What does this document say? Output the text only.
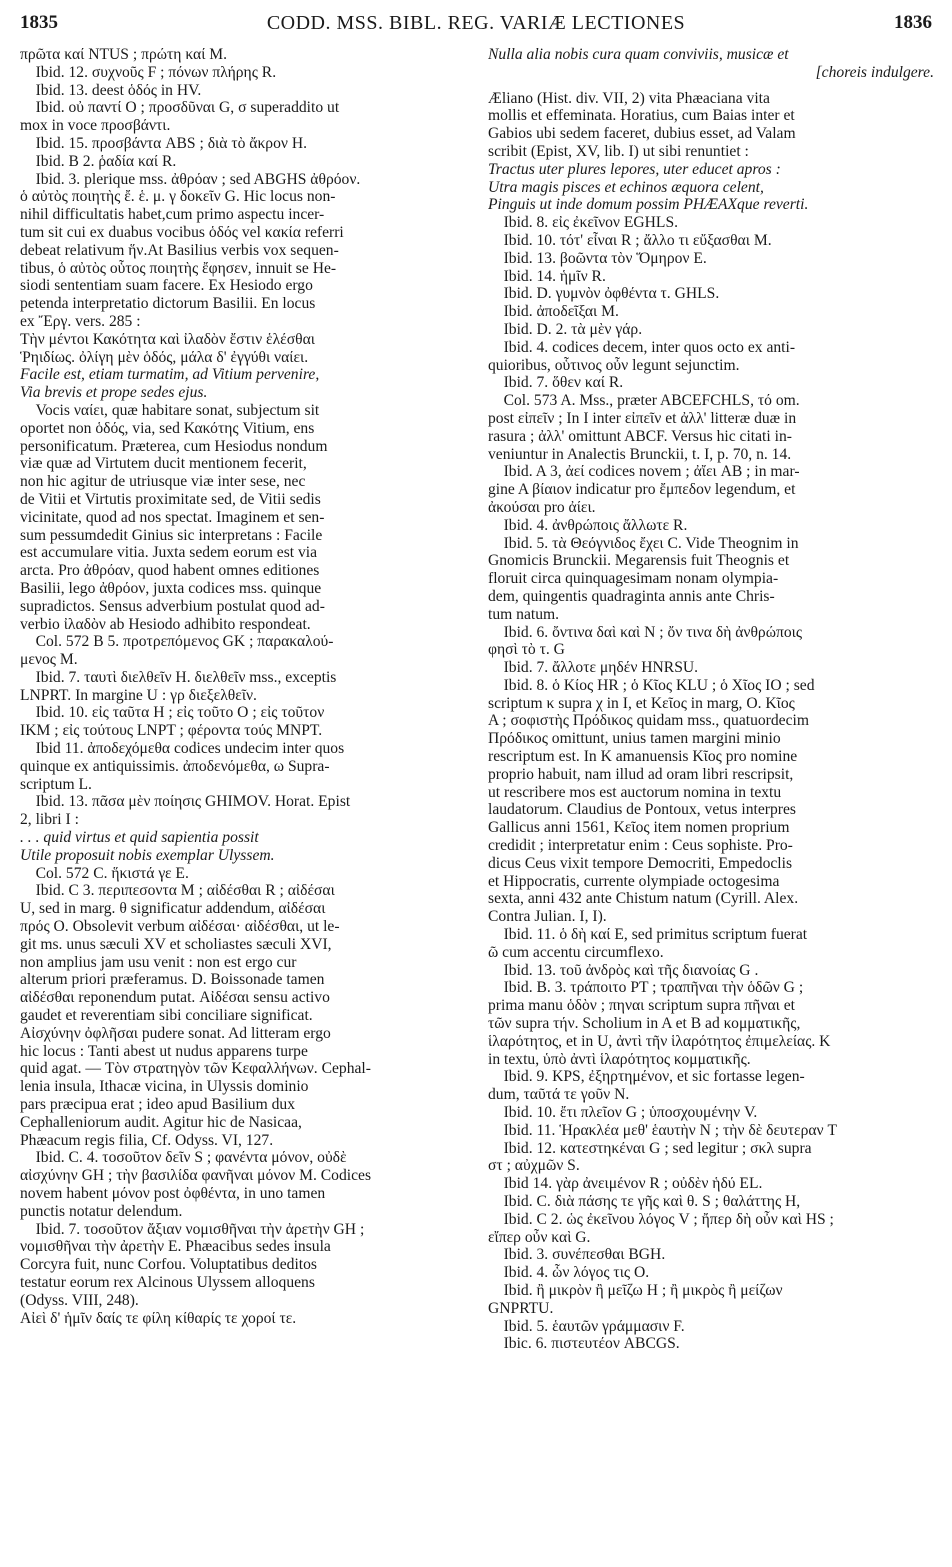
1835	CODD. MSS. BIBL. REG. VARIÆ LECTIONES	1836
πρῶτα καί NTUS ; πρώτη καί M.
 Ibid. 12. συχνοῦς F ; πόνων πλήρης R.
 Ibid. 13. deest ὁδός in HV.
 Ibid. οὐ παντί O ; προσδῦναι G, σ superaddito ut
mox in voce προσβάντι.
 Ibid. 15. προσβάντα ABS ; διὰ τὸ ἄκρον H.
 Ibid. B 2. ῥαδία καί R.
 Ibid. 3. plerique mss. ἀθρόαν ; sed ABGHS ἀθρόον.
ὁ αὐτὸς ποιητὴς ἔ. ἑ. μ. γ δοκεῖν G. Hic locus non-
nihil difficultatis habet,cum primo aspectu incer-
tum sit cui ex duabus vocibus ὁδός vel κακία referri
debeat relativum ἥν.At Basilius verbis vox sequen-
tibus, ὁ αὐτὸς οὗτος ποιητὴς ἔφησεν, innuit se He-
siodi sententiam suam facere. Ex Hesiodo ergo
petenda interpretatio dictorum Basilii. En locus
ex Ἔργ. vers. 285 :
Τὴν μέντοι Κακότητα καὶ ἰλαδὸν ἔστιν ἑλέσθαι
Ῥηιδίως. ὀλίγη μὲν ὁδός, μάλα δ' ἐγγύθι ναίει.
Facile est, etiam turmatim, ad Vitium pervenire,
Via brevis et prope sedes ejus.
 Vocis ναίει, quæ habitare sonat, subjectum sit
oportet non ὁδός, via, sed Κακότης Vitium, ens
personificatum. Præterea, cum Hesiodus nondum
viæ quæ ad Virtutem ducit mentionem fecerit,
non hic agitur de utriusque viæ inter sese, nec
de Vitii et Virtutis proximitate sed, de Vitii sedis
vicinitate, quod ad nos spectat. Imaginem et sen-
sum pessumdedit Ginius sic interpretans : Facile
est accumulare vitia. Juxta sedem eorum est via
arcta. Pro ἀθρόαν, quod habent omnes editiones
Basilii, lego ἀθρόον, juxta codices mss. quinque
supradictos. Sensus adverbium postulat quod ad-
verbio ἰλαδὸν ab Hesiodo adhibito respondeat.
 Col. 572 B 5. προτρεπόμενος GK ; παρακαλού-
μενος M.
 Ibid. 7. ταυτὶ διελθεῖν H. διελθεῖν mss., exceptis
LNPRT. In margine U : γρ διεξελθεῖν.
 Ibid. 10. εἰς ταῦτα H ; εἰς τοῦτο O ; εἰς τοῦτον
IKM ; εἰς τούτους LNPT ; φέροντα τούς MNPT.
 Ibid 11. ἀποδεχόμεθα codices undecim inter quos
quinque ex antiquissimis. ἀποδενόμεθα, ω Supra-
scriptum L.
 Ibid. 13. πᾶσα μὲν ποίησις GHIMOV. Horat. Epist
2, libri I :
. . . quid virtus et quid sapientia possit
Utile proposuit nobis exemplar Ulyssem.
 Col. 572 C. ἥκιστά γε E.
 Ibid. C 3. περιπεσοντα M ; αἰδέσθαι R ; αἰδέσαι
U, sed in marg. θ significatur addendum, αἰδέσαι
πρός O. Obsolevit verbum αἰδέσαι· αἰδέσθαι, ut le-
git ms. unus sæculi XV et scholiastes sæculi XVI,
non amplius jam usu venit : non est ergo cur
alterum priori præferamus. D. Boissonade tamen
αἰδέσθαι reponendum putat. Αἰδέσαι sensu activo
gaudet et reverentiam sibi conciliare significat.
Αἰσχύνην ὀφλῆσαι pudere sonat. Ad litteram ergo
hic locus : Tanti abest ut nudus apparens turpe
quid agat. — Τὸν στρατηγὸν τῶν Κεφαλλήνων. Cephal-
lenia insula, Ithacæ vicina, in Ulyssis dominio
pars præcipua erat ; ideo apud Basilium dux
Cephalleniorum audit. Agitur hic de Nasicaa,
Phæacum regis filia, Cf. Odyss. VI, 127.
 Ibid. C. 4. τοσοῦτον δεῖν S ; φανέντα μόνον, οὐδὲ
αἰσχύνην GH ; τὴν βασιλίδα φανῆναι μόνον M. Codices
novem habent μόνον post ὀφθέντα, in uno tamen
punctis notatur delendum.
 Ibid. 7. τοσοῦτον ἄξιαν νομισθῆναι τὴν ἀρετὴν GH ;
νομισθῆναι τὴν ἀρετὴν E. Phæacibus sedes insula
Corcyra fuit, nunc Corfou. Voluptatibus deditos
testatur eorum rex Alcinous Ulyssem alloquens
(Odyss. VIII, 248).
Αἰεὶ δ' ἡμῖν δαίς τε φίλη κίθαρίς τε χοροί τε.
Nulla alia nobis cura quam conviviis, musicæ et
[choreis indulgere.
Æliano (Hist. div. VII, 2) vita Phæaciana vita
mollis et effeminata. Horatius, cum Baias inter et
Gabios ubi sedem faceret, dubius esset, ad Valam
scribit (Epist, XV, lib. I) ut sibi renuntiet :
Tractus uter plures lepores, uter educet apros :
Utra magis pisces et echinos æquora celent,
Pinguis ut inde domum possim PHÆAXque reverti.
 Ibid. 8. εἰς ἐκεῖνον EGHLS.
 Ibid. 10. τότ' εἶναι R ; ἄλλο τι εὔξασθαι M.
 Ibid. 13. βοῶντα τὸν Ὅμηρον E.
 Ibid. 14. ἡμῖν R.
 Ibid. D. γυμνὸν ὀφθέντα τ. GHLS.
 Ibid. ἀποδεῖξαι M.
 Ibid. D. 2. τὰ μὲν γάρ.
 Ibid. 4. codices decem, inter quos octo ex anti-
quioribus, οὗτινος οὖν legunt sejunctim.
 Ibid. 7. ὅθεν καί R.
 Col. 573 A. Mss., præter ABCEFCHLS, τό om.
post εἰπεῖν ; In I inter εἰπεῖν et ἀλλ' litteræ duæ in
rasura ; ἀλλ' omittunt ABCF. Versus hic citati in-
veniuntur in Analectis Brunckii, t. I, p. 70, n. 14.
 Ibid. A 3, ἀεί codices novem ; ἀἴει AB ; in mar-
gine A βίαιον indicatur pro ἔμπεδον legendum, et
ἀκούσαι pro ἀίει.
 Ibid. 4. ἀνθρώποις ἄλλωτε R.
 Ibid. 5. τὰ Θεόγνιδος ἔχει C. Vide Theognim in
Gnomicis Brunckii. Megarensis fuit Theognis et
floruit circa quinquagesimam nonam olympia-
dem, quingentis quadraginta annis ante Chris-
tum natum.
 Ibid. 6. ὄντινα δαὶ καὶ N ; ὄν τινα δὴ ἀνθρώποις
φησὶ τὸ τ. G
 Ibid. 7. ἄλλοτε μηδέν HNRSU.
 Ibid. 8. ὁ Κίος HR ; ὁ Κῖος KLU ; ὁ Χῖος IO ; sed
scriptum κ supra χ in I, et Κεῖος in marg, O. Κῖος
A ; σοφιστὴς Πρόδικος quidam mss., quatuordecim
Πρόδικος omittunt, unius tamen margini minio
rescriptum est. In K amanuensis Κῖος pro nomine
proprio habuit, nam illud ad oram libri rescripsit,
ut rescribere mos est auctorum nomina in textu
laudatorum. Claudius de Pontoux, vetus interpres
Gallicus anni 1561, Κεῖος item nomen proprium
credidit ; interpretatur enim : Ceus sophiste. Pro-
dicus Ceus vixit tempore Democriti, Empedoclis
et Hippocratis, currente olympiade octogesima
sexta, anni 432 ante Chistum natum (Cyrill. Alex.
Contra Julian. I, I).
 Ibid. 11. ὁ δὴ καί E, sed primitus scriptum fuerat
ῶ cum accentu circumflexo.
 Ibid. 13. τοῦ ἀνδρὸς καὶ τῆς διανοίας G .
 Ibid. B. 3. τράποιτο PT ; τραπῆναι τὴν ὁδῶν G ;
prima manu ὁδὸν ; πηναι scriptum supra πῆναι et
τῶν supra τήν. Scholium in A et B ad κομματικῆς,
ἱλαρότητος, et in U, ἀντὶ τῆν ἱλαρότητος ἐπιμελείας. K
in textu, ὑπὸ ἀντὶ ἱλαρότητος κομματικῆς.
 Ibid. 9. KPS, ἐξηρτημένον, et sic fortasse legen-
dum, ταῦτά τε γοῦν N.
 Ibid. 10. ἔτι πλεῖον G ; ὑποσχουμένην V.
 Ibid. 11. Ἡρακλέα μεθ' ἑαυτὴν N ; τὴν δὲ δευτεραν T
 Ibid. 12. κατεστηκέναι G ; sed legitur ; σκλ supra
στ ; αὐχμῶν S.
 Ibid 14. γὰρ ἀνειμένον R ; οὐδὲν ἡδύ EL.
 Ibid. C. διὰ πάσης τε γῆς καὶ θ. S ; θαλάττης H,
 Ibid. C 2. ὡς ἐκεῖνου λόγος V ; ἤπερ δὴ οὖν καὶ HS ;
εἴπερ οὖν καὶ G.
 Ibid. 3. συνέπεσθαι BGH.
 Ibid. 4. ὧν λόγος τις O.
 Ibid. ἢ μικρὸν ἢ μεῖζω H ; ἢ μικρὸς ἢ μείζων
GNPRTU.
 Ibid. 5. ἑαυτῶν γράμμασιν F.
 Ibic. 6. πιστευτέον ABCGS.
